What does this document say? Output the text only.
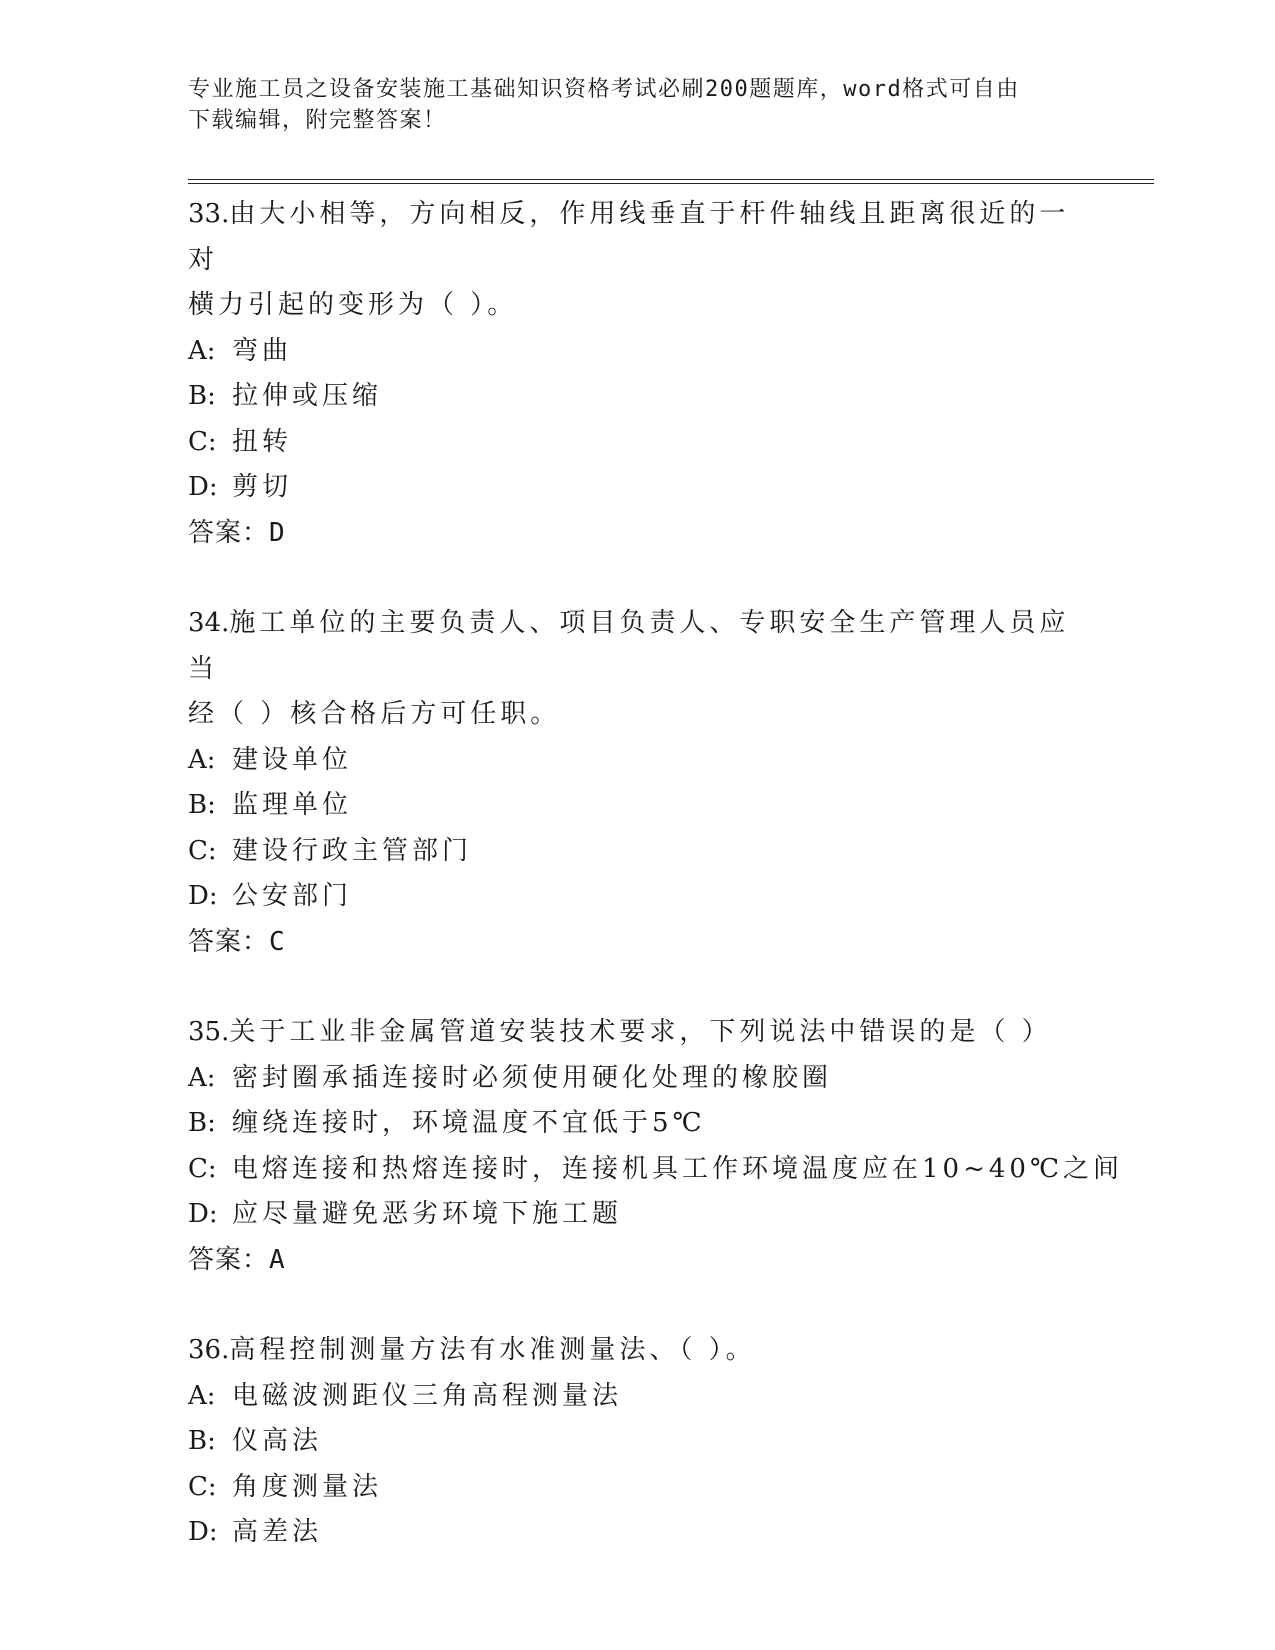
专业施工员之设备安装施工基础知识资格考试必刷200题题库，word格式可自由
下载编辑，附完整答案！
33.由大小相等，方向相反，作用线垂直于杆件轴线且距离很近的一对
横力引起的变形为（ ）。
A: 弯曲
B: 拉伸或压缩
C: 扭转
D: 剪切
答案：D
34.施工单位的主要负责人、项目负责人、专职安全生产管理人员应当
经（ ）核合格后方可任职。
A: 建设单位
B: 监理单位
C: 建设行政主管部门
D: 公安部门
答案：C
35.关于工业非金属管道安装技术要求，下列说法中错误的是（ ）
A: 密封圈承插连接时必须使用硬化处理的橡胶圈
B: 缠绕连接时，环境温度不宜低于5℃
C: 电熔连接和热熔连接时，连接机具工作环境温度应在10~40℃之间
D: 应尽量避免恶劣环境下施工题
答案：A
36.高程控制测量方法有水准测量法、（ ）。
A: 电磁波测距仪三角高程测量法
B: 仪高法
C: 角度测量法
D: 高差法
